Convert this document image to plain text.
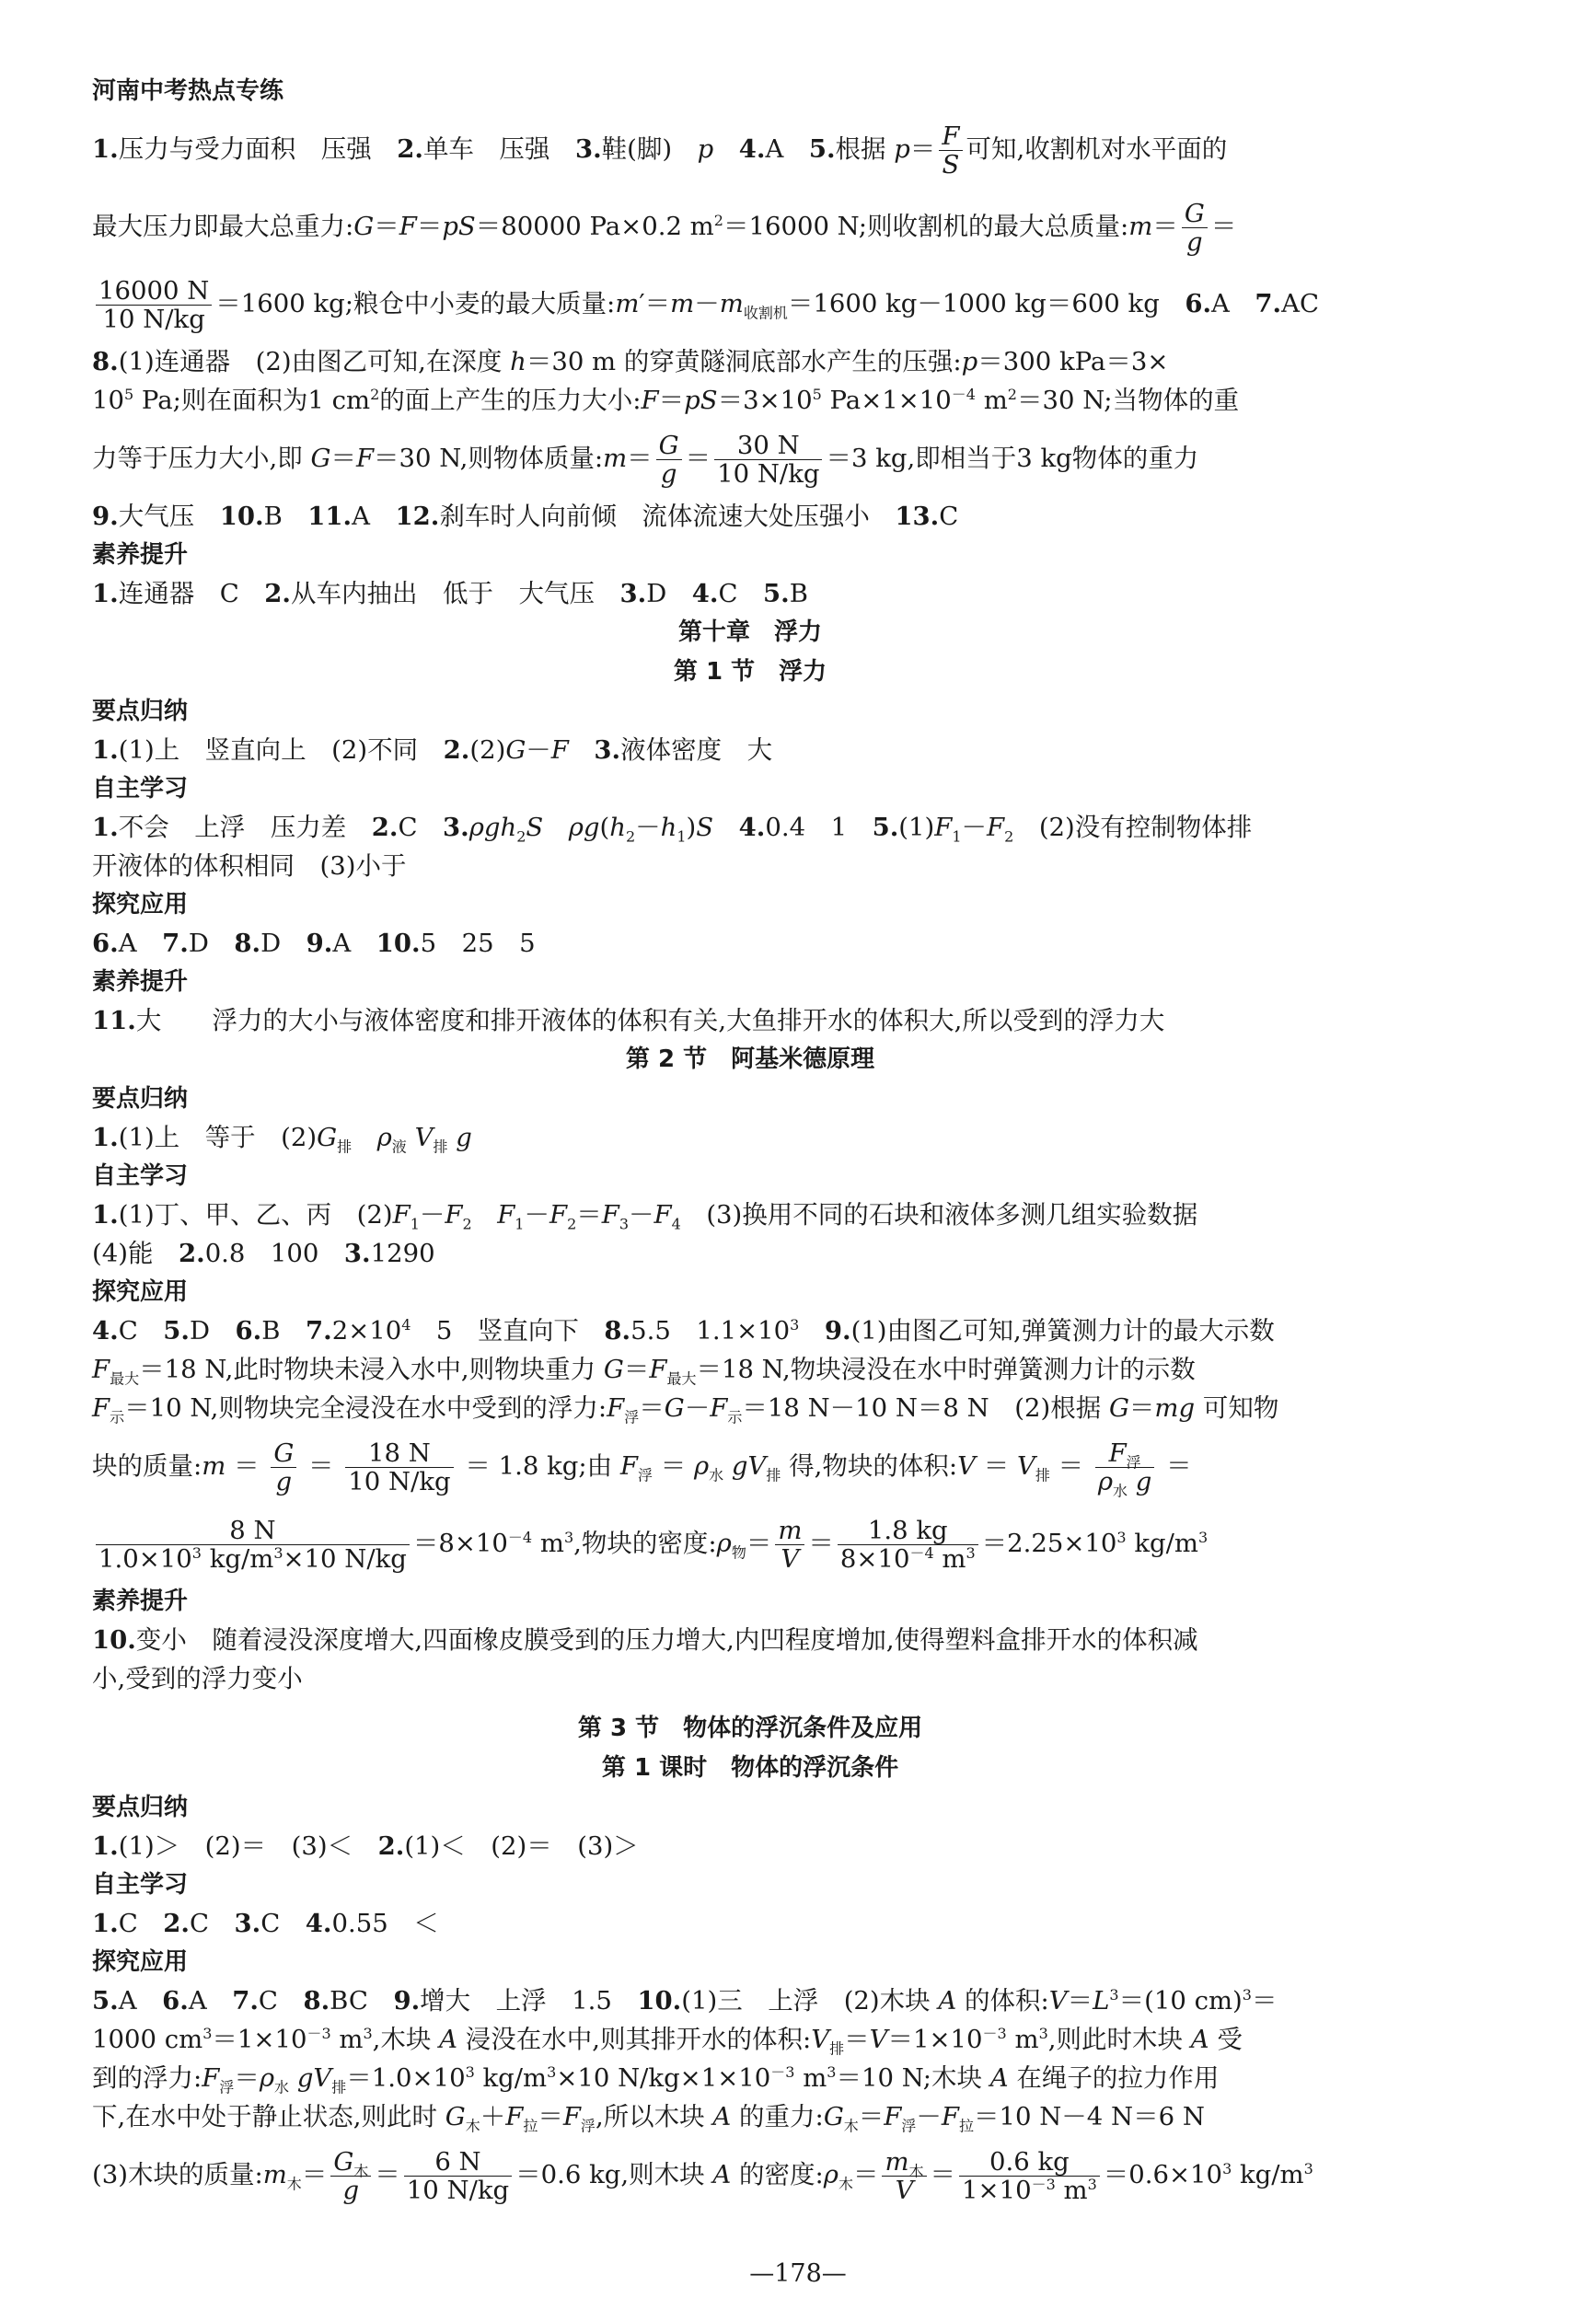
河南中考热点专练
1.压力与受力面积　压强　2.单车　压强　3.鞋(脚)　p　 4.A　5.根据 $p= \frac{F}{S}$ 可知,收割机对水平面的
最大压力即最大总重力:G＝F＝pS＝80000 Pa×0.2 $m^2=16000$ N;则收割机的最大总质量:m＝ $\frac{G}{g}$ ＝
$\frac{16000 N}{10 N/kg} =1600$ kg;粮仓中小麦的最大质量$:m'=m-m_{收割机}=1600$ kg－1000 kg＝600 kg　6.A　7.AC
8.(1)连通器　(2)由图乙可知,在深度 h＝30 m 的穿黄隧洞底部水产生的压强:p＝300 kPa＝3×
$10^5$ Pa;则在面积为1 $cm^2$的面上产生的压力大小$:F=pS=3\times 10^5$ $Pa\times 1\times 10^{-4}$ $m^2=30$ N;当物体的重
力等于压力大小,即 G＝F＝30 N,则物体质量:m＝ $\frac{G}{g} = \frac{30 N}{10 N/kg} =3$ kg,即相当于3 kg物体的重力
9.大气压　10.B　11.A　12.刹车时人向前倾　流体流速大处压强小　13.C
素养提升
1.连通器　C　2.从车内抽出　低于　大气压　3.D　4.C　5.B
第十章　浮力
第 1 节　浮力
要点归纳
1.(1)上　竖直向上　(2)不同　2.(2)G－F　 3.液体密度　大
自主学习
1.不会　上浮　压力差　2.C　3.ρgh$_2$S　 $\rho g(h_2-h_1)S$　 4.0.4　1　$5.(1)F_1-F_2$　(2)没有控制物体排
开液体的体积相同　(3)小于
探究应用
6.A　7.D　8.D　9.A　10.5　25　5
素养提升
11.大　　浮力的大小与液体密度和排开液体的体积有关,大鱼排开水的体积大,所以受到的浮力大
第 2 节　阿基米德原理
要点归纳
1.(1)上　等于　$(2)G_排$　 $\rho_液$ $V_排$ g
自主学习
1.(1)丁、甲、乙、丙　$(2)F_1-F_2$　 $F_1-F_2=F_3-F_4$　(3)换用不同的石块和液体多测几组实验数据
(4)能　2.0.8　100　3.1290
探究应用
4.C　5.D　6.B　$7.2\times 10^4$　5　竖直向下　8.5.5　$1.1\times 10^3$　 9.(1)由图乙可知,弹簧测力计的最大示数
$F_{最大}=18$ N,此时物块未浸入水中,则物块重力 $G=F_{最大}=18$ N,物块浸没在水中时弹簧测力计的示数
$F_示=10$ N,则物块完全浸没在水中受到的浮力$:F_浮=G-F_示=18$ N－10 N＝8 N　(2)根据 G＝mg 可知物
块的质量:m ＝ $\frac{G}{g} = \frac{18 N}{10 N/kg} = 1.8$ kg;由 $F_浮 = \rho_水$ $gV_排$ 得,物块的体积:V ＝ $V_排 = \frac{F_浮}{\rho_水 g}$ ＝
$\frac{8 N}{1.0\times 10^3 kg/m^3\times 10 N/kg} =8\times 10^{-4}$ $m^3$,物块的密度$:\rho_物= \frac{m}{V} = \frac{1.8 kg}{8\times 10^{-4} m^3} =2.25\times 10^3$ $kg/m^3$
素养提升
10.变小　随着浸没深度增大,四面橡皮膜受到的压力增大,内凹程度增加,使得塑料盒排开水的体积减
小,受到的浮力变小
第 3 节　物体的浮沉条件及应用
第 1 课时　物体的浮沉条件
要点归纳
1.(1)＞　(2)＝　(3)＜　2.(1)＜　(2)＝　(3)＞
自主学习
1.C　2.C　3.C　4.0.55　＜
探究应用
5.A　6.A　7.C　8.BC　9.增大　上浮　1.5　10.(1)三　上浮　(2)木块 A 的体积$:V=L^3=(10$ cm)$^3$＝
1000 $cm^3=1\times 10^{-3}$ $m^3$,木块 A 浸没在水中,则其排开水的体积$:V_排=V=1\times 10^{-3}$ $m^3$,则此时木块 A 受
到的浮力$:F_浮=\rho_水$ $gV_排=1.0\times 10^3$ $kg/m^3\times 10$ $N/kg\times 1\times 10^{-3}$ $m^3=10$ N;木块 A 在绳子的拉力作用
下,在水中处于静止状态,则此时 $G_木+F_拉=F_浮$,所以木块 A 的重力$:G_木=F_浮-F_拉=10$ N－4 N＝6 N
(3)木块的质量$:m_木= \frac{G_木}{g} = \frac{6 N}{10 N/kg} =0.6$ kg,则木块 A 的密度$:\rho_木= \frac{m_木}{V} = \frac{0.6 kg}{1\times 10^{-3} m^3} =0.6\times 10^3$ $kg/m^3$
—178—
